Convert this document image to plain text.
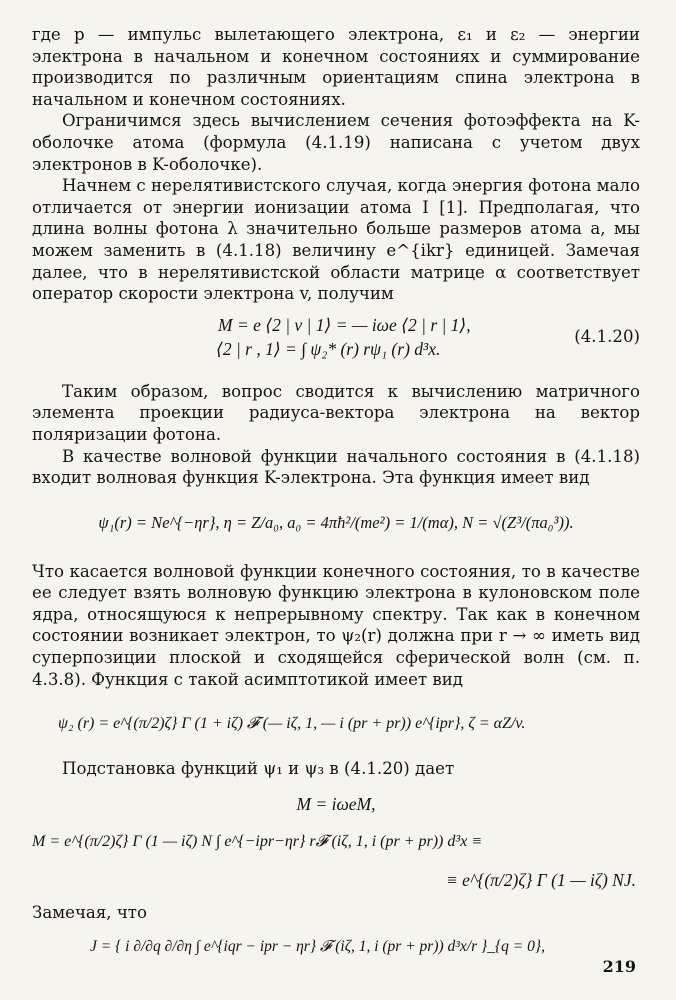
где p — импульс вылетающего электрона, ε₁ и ε₂ — энергии электрона в начальном и конечном состояниях и суммирование производится по различным ориентациям спина электрона в начальном и конечном состояниях.

Ограничимся здесь вычислением сечения фотоэффекта на K-оболочке атома (формула (4.1.19) написана с учетом двух электронов в K-оболочке).

Начнем с нерелятивистского случая, когда энергия фотона мало отличается от энергии ионизации атома I [1]. Предполагая, что длина волны фотона λ значительно больше размеров атома a, мы можем заменить в (4.1.18) величину e^{ikr} единицей. Замечая далее, что в нерелятивистской области матрице α соответствует оператор скорости электрона v, получим

M = e ⟨2 | v | 1⟩ = — iωe ⟨2 | r | 1⟩,

⟨2 | r , 1⟩ = ∫ ψ₂* (r) rψ₁ (r) d³x.

(4.1.20)

Таким образом, вопрос сводится к вычислению матричного элемента проекции радиуса-вектора электрона на вектор поляризации фотона.

В качестве волновой функции начального состояния в (4.1.18) входит волновая функция K-электрона. Эта функция имеет вид

ψ₁(r) = Ne^{−ηr}, η = Z/a₀, a₀ = 4πħ²/(me²) = 1/(mα), N = √(Z³/(πa₀³)).

Что касается волновой функции конечного состояния, то в качестве ее следует взять волновую функцию электрона в кулоновском поле ядра, относящуюся к непрерывному спектру. Так как в конечном состоянии возникает электрон, то ψ₂(r) должна при r → ∞ иметь вид суперпозиции плоской и сходящейся сферической волн (см. п. 4.3.8). Функция с такой асимптотикой имеет вид

ψ₂ (r) = e^{(π/2)ζ} Γ (1 + iζ) 𝓕 (— iζ, 1, — i (pr + pr)) e^{ipr}, ζ = αZ/v.

Подстановка функций ψ₁ и ψ₃ в (4.1.20) дает

M = iωeM,

M = e^{(π/2)ζ} Γ (1 — iζ) N ∫ e^{−ipr−ηr} r𝓕 (iζ, 1, i (pr + pr)) d³x ≡

≡ e^{(π/2)ζ} Γ (1 — iζ) NJ.

Замечая, что

J = { i ∂/∂q ∂/∂η ∫ e^{iqr − ipr − ηr} 𝓕 (iζ, 1, i (pr + pr)) d³x/r }_{q = 0},

219
